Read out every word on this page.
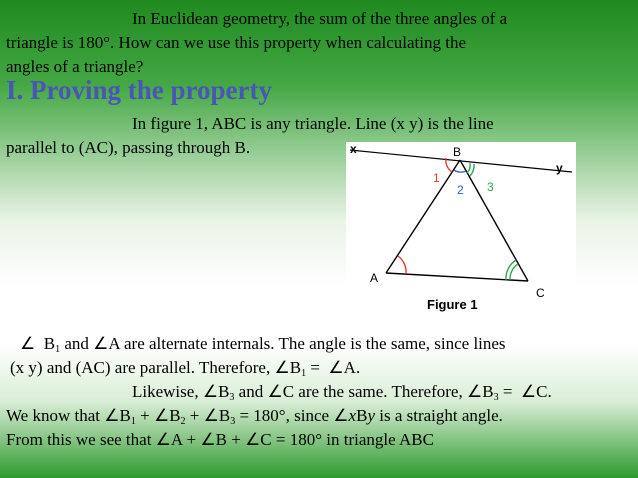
In Euclidean geometry, the sum of the three angles of a
triangle is 180°. How can we use this property when calculating the
angles of a triangle?
I. Proving the property
In figure 1, ABC is any triangle. Line (x y) is the line
parallel to (AC), passing through B.	x
y
B
A
C
1
2 3
Figure 1
∠ $B_1$ and ∠A are alternate internals. The angle is the same, since lines
(x y) and (AC) are parallel. Therefore, $\angle B_1$ = ∠A.
Likewise, $\angle B_3$ and ∠C are the same. Therefore, $\angle B_3$ = ∠C.
We know that $\angle B_1$ + $\angle B_2$ + $\angle B_3 = 180^\circ$, since ∠xBy is a straight angle.
From this we see that ∠A + ∠B + ∠C = 180° in triangle ABC
